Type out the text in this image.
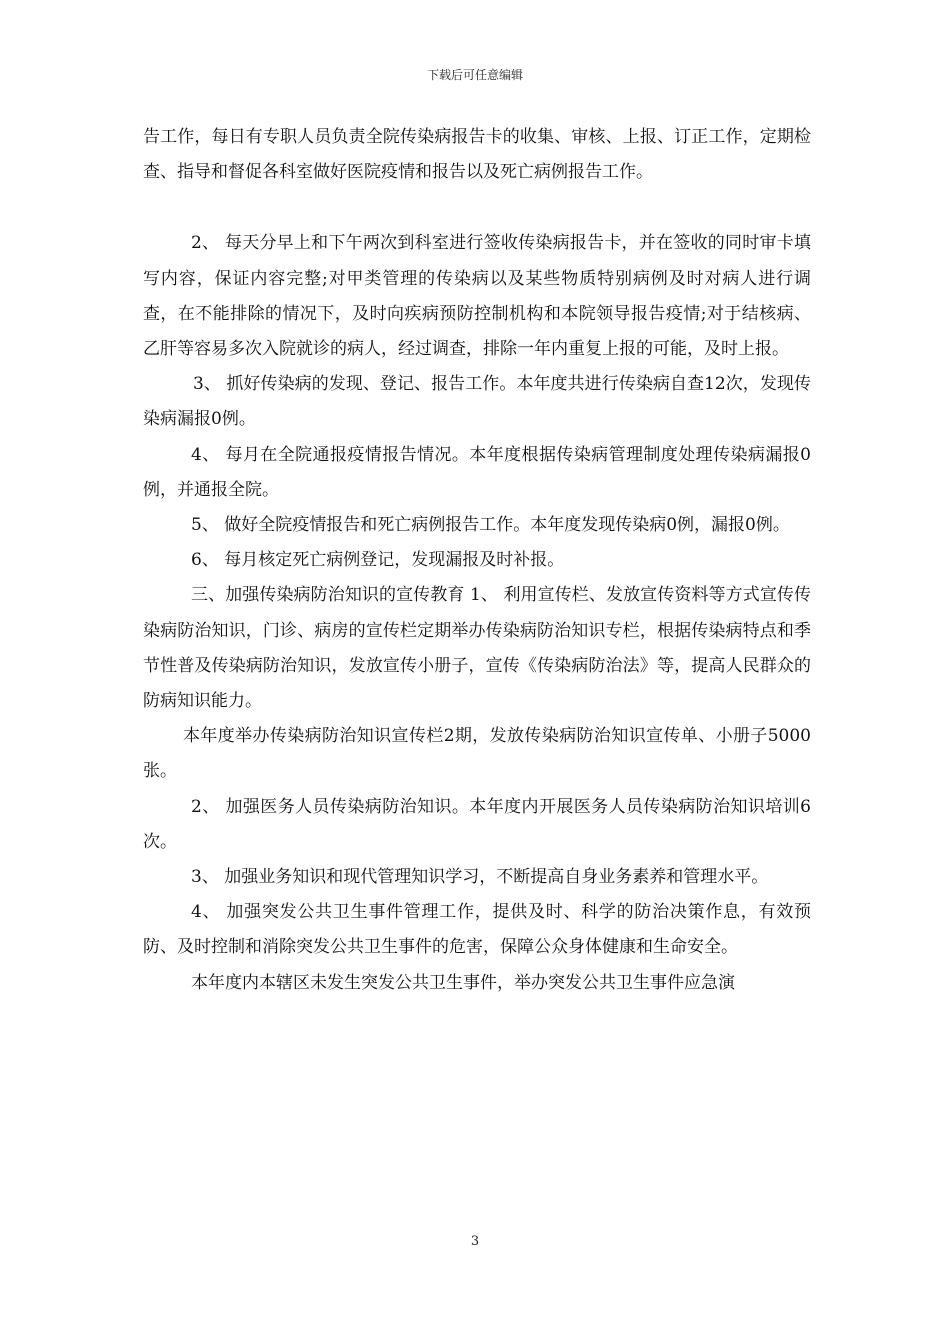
下载后可任意编辑

告工作，每日有专职人员负责全院传染病报告卡的收集、审核、上报、订正工作，定期检查、指导和督促各科室做好医院疫情和报告以及死亡病例报告工作。

2、 每天分早上和下午两次到科室进行签收传染病报告卡，并在签收的同时审卡填写内容，保证内容完整;对甲类管理的传染病以及某些物质特别病例及时对病人进行调查，在不能排除的情况下，及时向疾病预防控制机构和本院领导报告疫情;对于结核病、乙肝等容易多次入院就诊的病人，经过调查，排除一年内重复上报的可能，及时上报。

3、 抓好传染病的发现、登记、报告工作。本年度共进行传染病自查12次，发现传染病漏报0例。

4、 每月在全院通报疫情报告情况。本年度根据传染病管理制度处理传染病漏报0例，并通报全院。

5、 做好全院疫情报告和死亡病例报告工作。本年度发现传染病0例，漏报0例。

6、 每月核定死亡病例登记，发现漏报及时补报。

三、加强传染病防治知识的宣传教育 1、 利用宣传栏、发放宣传资料等方式宣传传染病防治知识，门诊、病房的宣传栏定期举办传染病防治知识专栏，根据传染病特点和季节性普及传染病防治知识，发放宣传小册子，宣传《传染病防治法》等，提高人民群众的防病知识能力。

本年度举办传染病防治知识宣传栏2期，发放传染病防治知识宣传单、小册子5000张。

2、 加强医务人员传染病防治知识。本年度内开展医务人员传染病防治知识培训6次。

3、 加强业务知识和现代管理知识学习，不断提高自身业务素养和管理水平。

4、 加强突发公共卫生事件管理工作，提供及时、科学的防治决策作息，有效预防、及时控制和消除突发公共卫生事件的危害，保障公众身体健康和生命安全。

本年度内本辖区未发生突发公共卫生事件，举办突发公共卫生事件应急演

3
